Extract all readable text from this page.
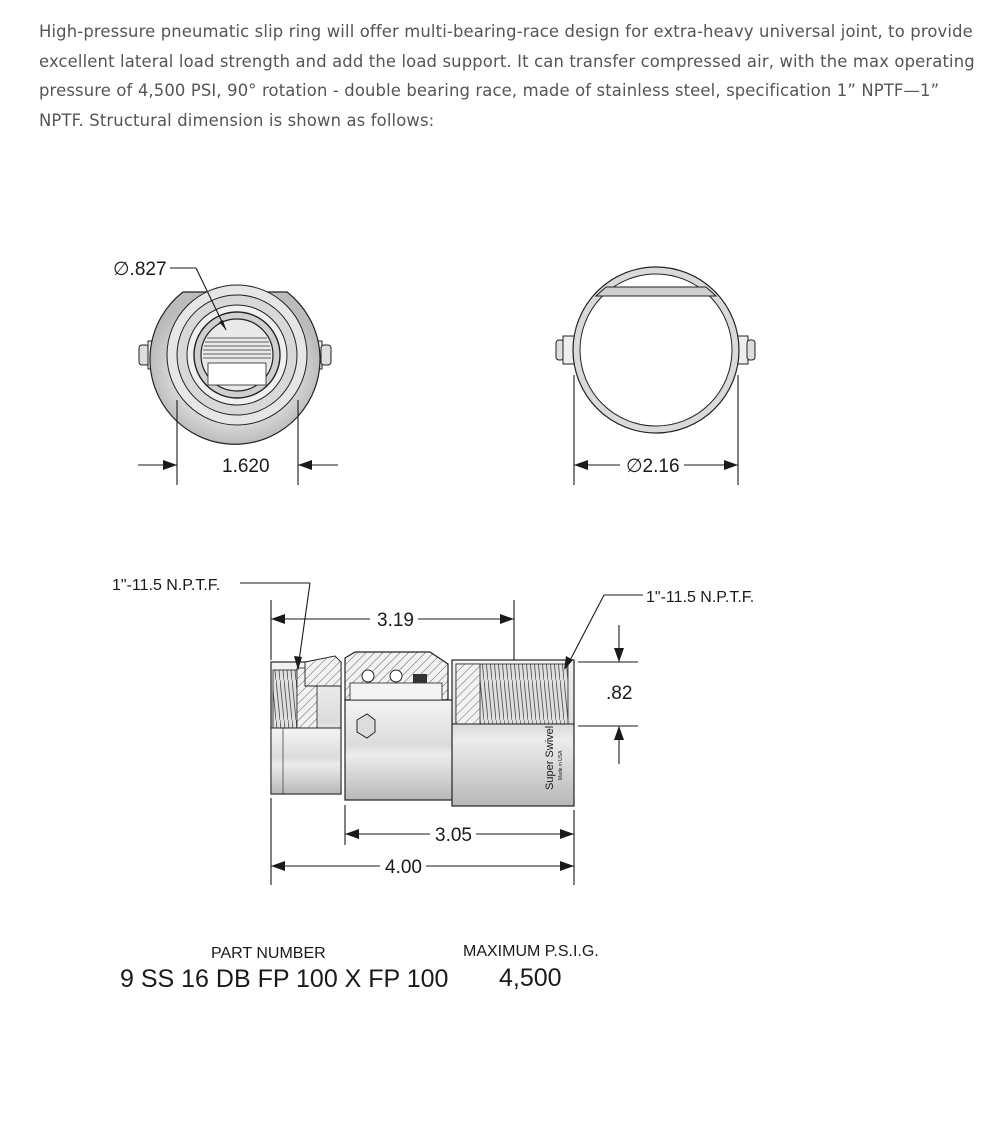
High-pressure pneumatic slip ring will offer multi-bearing-race design for extra-heavy universal joint, to provide excellent lateral load strength and add the load support. It can transfer compressed air, with the max operating pressure of 4,500 PSI, 90° rotation - double bearing race, made of stainless steel, specification 1” NPTF—1” NPTF. Structural dimension is shown as follows:

∅.827
1.620	∅2.16
Super Swivel Made in USA
1"-11.5 N.P.T.F.
1"-11.5 N.P.T.F.
3.19
.82
3.05
4.00
PART NUMBER
9 SS 16 DB FP 100 X FP 100
MAXIMUM P.S.I.G.
4,500
